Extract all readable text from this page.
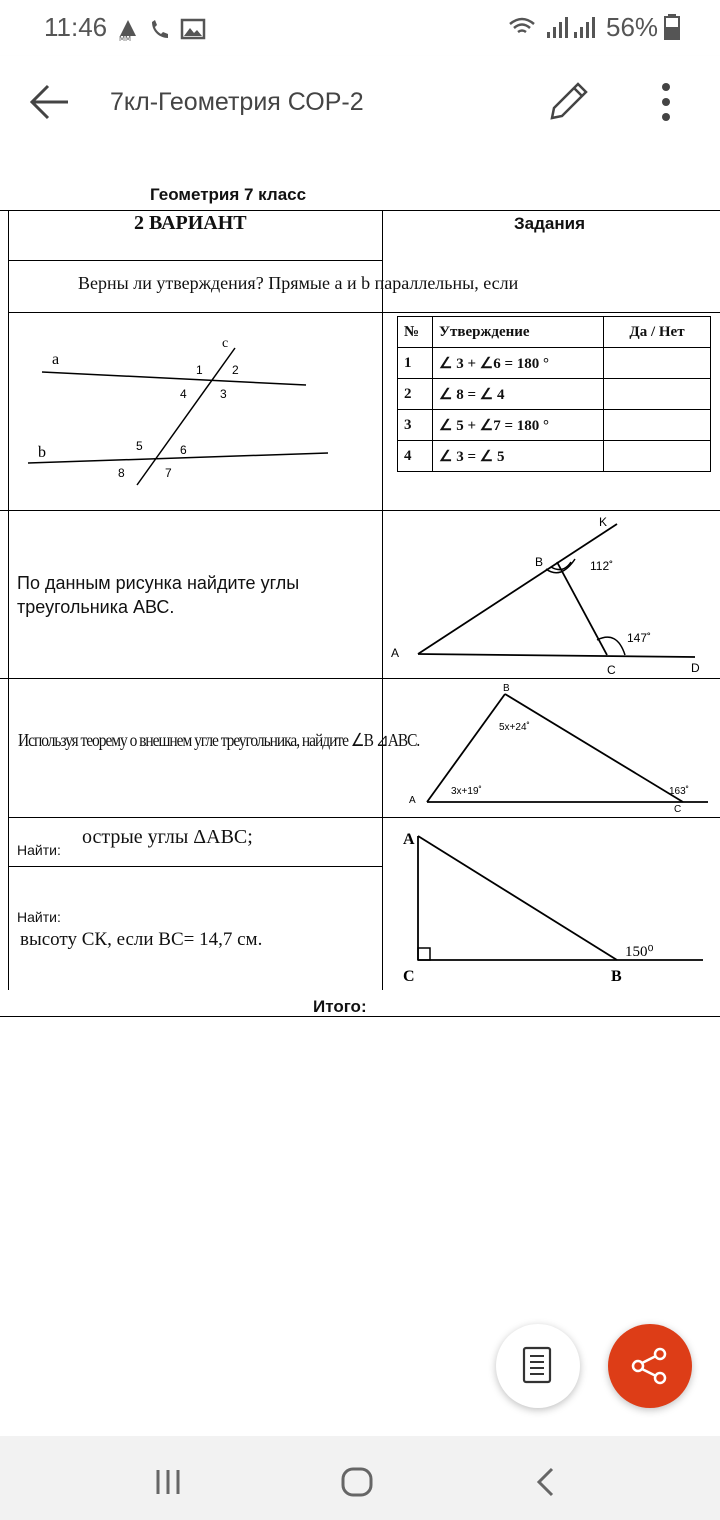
11:46 MM	56%
7кл-Геометрия СОР-2
Геометрия 7 класс
2 ВАРИАНТ	Задания
Верны ли утверждения? Прямые а и b параллельны, если
a
b
c
1 2
3
4
5	6
7
8
№	Утверждение	Да / Нет
1	∠ 3 + ∠6 = 180 °	
2	∠ 8 = ∠ 4	
3	∠ 5 + ∠7 = 180 °	
4	∠ 3 = ∠ 5	
По данным рисунка найдите углы
треугольника АВС.
K
B
A
C	D
112˚
147˚
Используя теорему о внешнем угле треугольника, найдите ∠В ⊿АВС.
B
A
C
5x+24˚
3x+19˚	163˚
Найти:
острые углы ΔАВС;
Найти:
высоту СК, если ВС= 14,7 см.
A
C	B
150⁰
Итого:
